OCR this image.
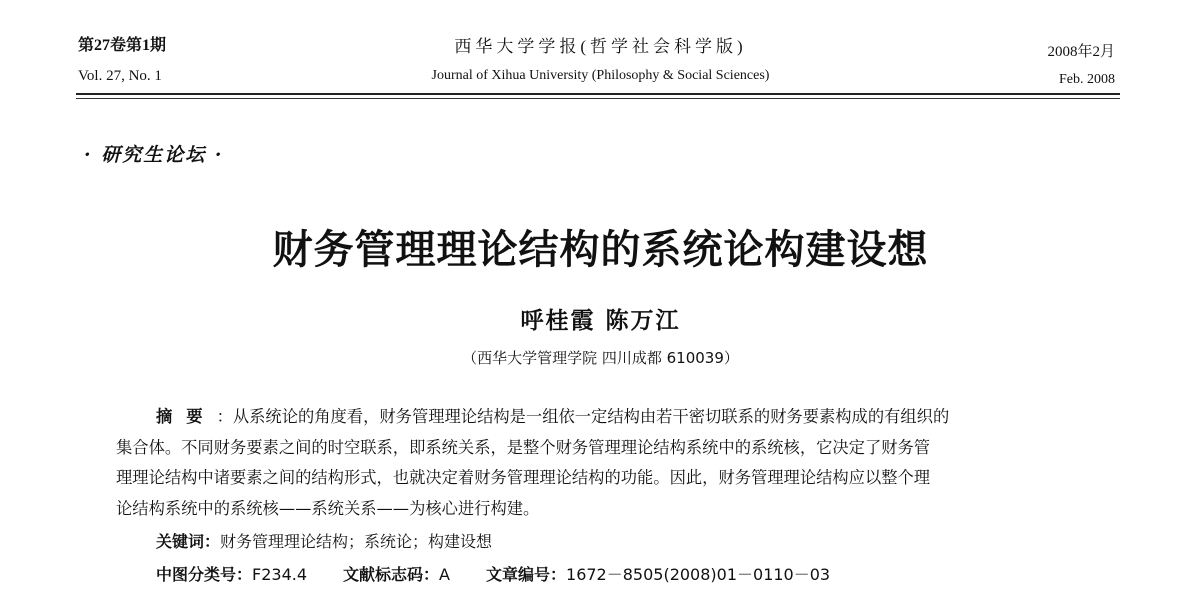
第27卷第1期
Vol. 27, No. 1
西华大学学报(哲学社会科学版)
Journal of Xihua University (Philosophy & Social Sciences)
2008年2月
Feb. 2008
· 研究生论坛 ·
财务管理理论结构的系统论构建设想
呼桂霞 陈万江
（西华大学管理学院 四川成都 610039）
摘要：从系统论的角度看，财务管理理论结构是一组依一定结构由若干密切联系的财务要素构成的有组织的
集合体。不同财务要素之间的时空联系，即系统关系，是整个财务管理理论结构系统中的系统核，它决定了财务管
理理论结构中诸要素之间的结构形式，也就决定着财务管理理论结构的功能。因此，财务管理理论结构应以整个理
论结构系统中的系统核——系统关系——为核心进行构建。
关键词：财务管理理论结构；系统论；构建设想
中图分类号：F234.4 文献标志码：A 文章编号：1672－8505(2008)01－0110－03
